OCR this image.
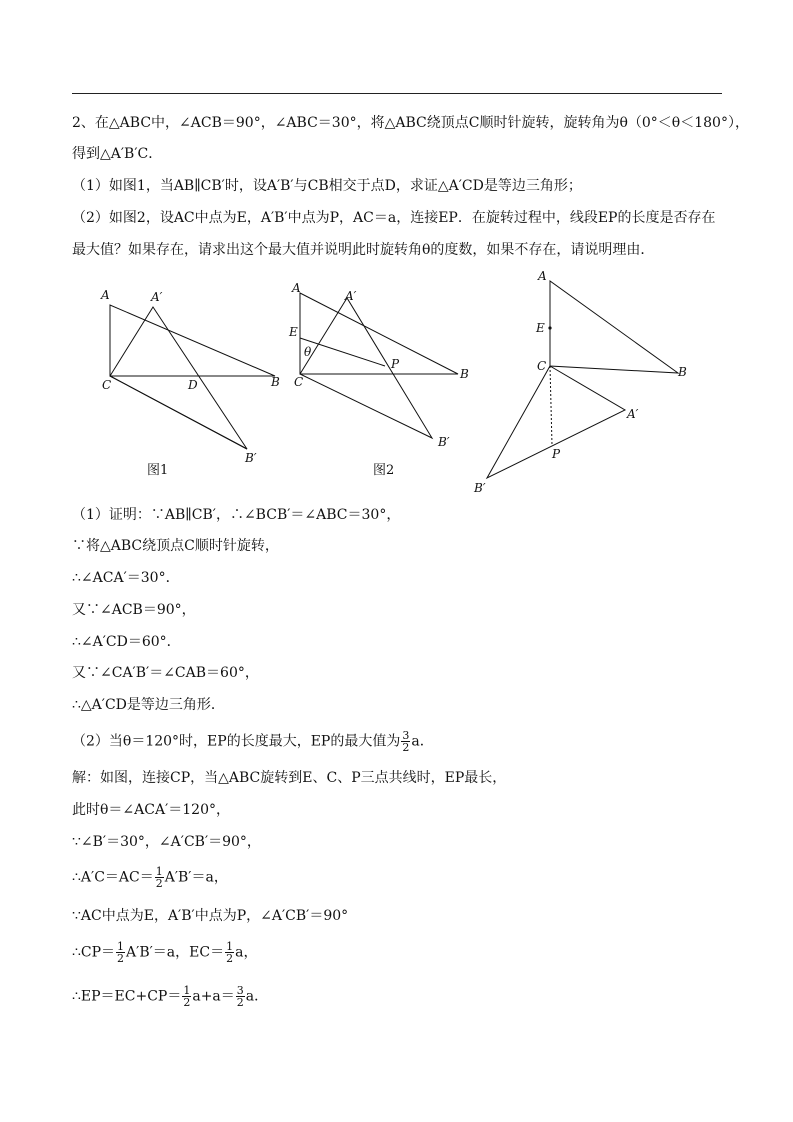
2、在△ABC中，∠ACB＝90°，∠ABC＝30°，将△ABC绕顶点C顺时针旋转，旋转角为θ（0°＜θ＜180°），
得到△A′B′C．
（1）如图1，当AB∥CB′时，设A′B′与CB相交于点D，求证△A′CD是等边三角形；
（2）如图2，设AC中点为E，A′B′中点为P，AC＝a，连接EP．在旋转过程中，线段EP的长度是否存在
最大值？如果存在，请求出这个最大值并说明此时旋转角θ的度数，如果不存在，请说明理由．
A	A′
C	D	B
B′
图1
A
A′
E
θ
C
P
B
B′
图2
A
E
C	B
A′
P
B′
（1）证明：∵AB∥CB′，∴∠BCB′＝∠ABC＝30°，
∵将△ABC绕顶点C顺时针旋转，
∴∠ACA′＝30°．
又∵∠ACB＝90°，
∴∠A′CD＝60°．
又∵∠CA′B′＝∠CAB＝60°，
∴△A′CD是等边三角形．
（2）当θ＝120°时，EP的长度最大，EP的最大值为 $\frac{3}{2}$ a．
解：如图，连接CP，当△ABC旋转到E、C、P三点共线时，EP最长，
此时θ＝∠ACA′＝120°，
∵∠B′＝30°，∠A′CB′＝90°，
∴A′C＝AC＝ $\frac{1}{2} A'B'=a$，
∵AC中点为E，A′B′中点为P，∠A′CB′＝90°
∴CP＝ $\frac{1}{2} A'B'=a$，$EC= \frac{1}{2}$ a，
∴EP＝EC+CP＝ $\frac{1}{2} a+a= \frac{3}{2}$ a．
